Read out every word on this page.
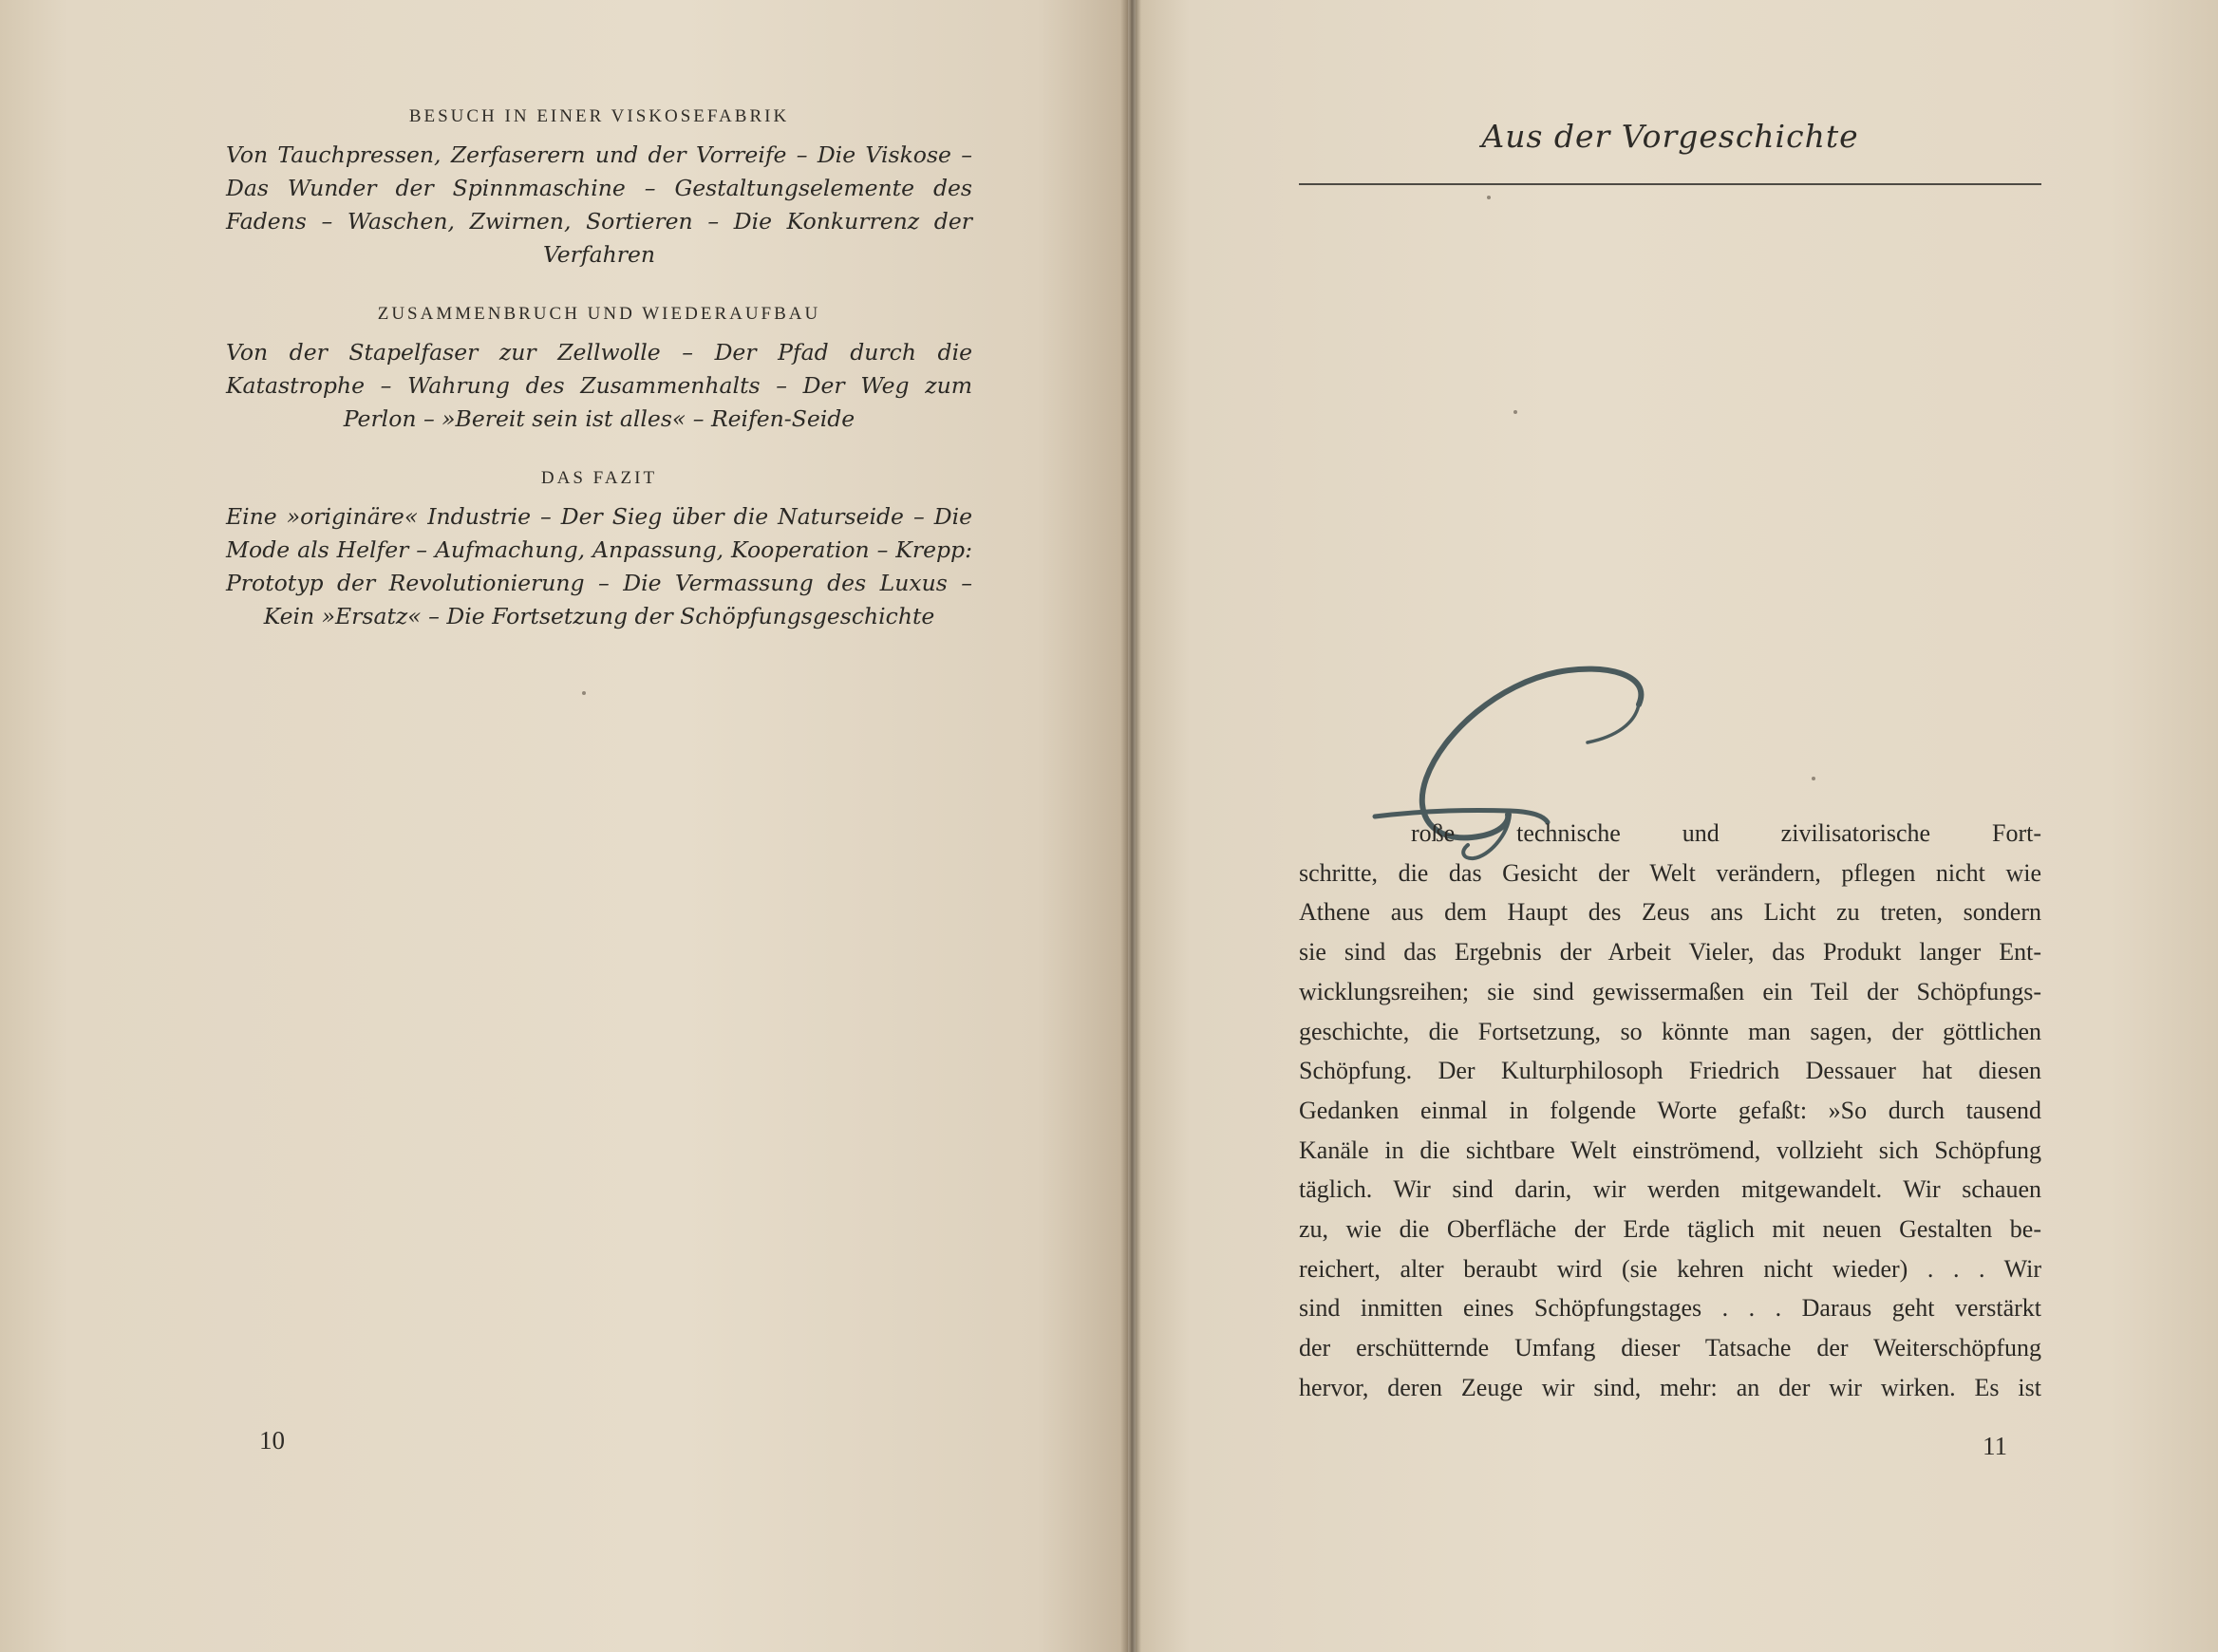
BESUCH IN EINER VISKOSEFABRIK
Von Tauchpressen, Zerfaserern und der Vorreife – Die Viskose – Das Wunder der Spinnmaschine – Gestaltungselemente des Fadens – Waschen, Zwirnen, Sortieren – Die Konkurrenz der Verfahren
ZUSAMMENBRUCH UND WIEDERAUFBAU
Von der Stapelfaser zur Zellwolle – Der Pfad durch die Katastrophe – Wahrung des Zusammenhalts – Der Weg zum Perlon – »Bereit sein ist alles« – Reifen-Seide
DAS FAZIT
Eine »originäre« Industrie – Der Sieg über die Naturseide – Die Mode als Helfer – Aufmachung, Anpassung, Kooperation – Krepp: Prototyp der Revolutionierung – Die Vermassung des Luxus – Kein »Ersatz« – Die Fortsetzung der Schöpfungsgeschichte
10
Aus der Vorgeschichte
roße technische und zivilisatorische Fort-
schritte, die das Gesicht der Welt verändern, pflegen nicht wie
Athene aus dem Haupt des Zeus ans Licht zu treten, sondern
sie sind das Ergebnis der Arbeit Vieler, das Produkt langer Ent-
wicklungsreihen; sie sind gewissermaßen ein Teil der Schöpfungs-
geschichte, die Fortsetzung, so könnte man sagen, der göttlichen
Schöpfung. Der Kulturphilosoph Friedrich Dessauer hat diesen
Gedanken einmal in folgende Worte gefaßt: »So durch tausend
Kanäle in die sichtbare Welt einströmend, vollzieht sich Schöpfung
täglich. Wir sind darin, wir werden mitgewandelt. Wir schauen
zu, wie die Oberfläche der Erde täglich mit neuen Gestalten be-
reichert, alter beraubt wird (sie kehren nicht wieder) . . . Wir
sind inmitten eines Schöpfungstages . . . Daraus geht verstärkt
der erschütternde Umfang dieser Tatsache der Weiterschöpfung
hervor, deren Zeuge wir sind, mehr: an der wir wirken. Es ist
11
